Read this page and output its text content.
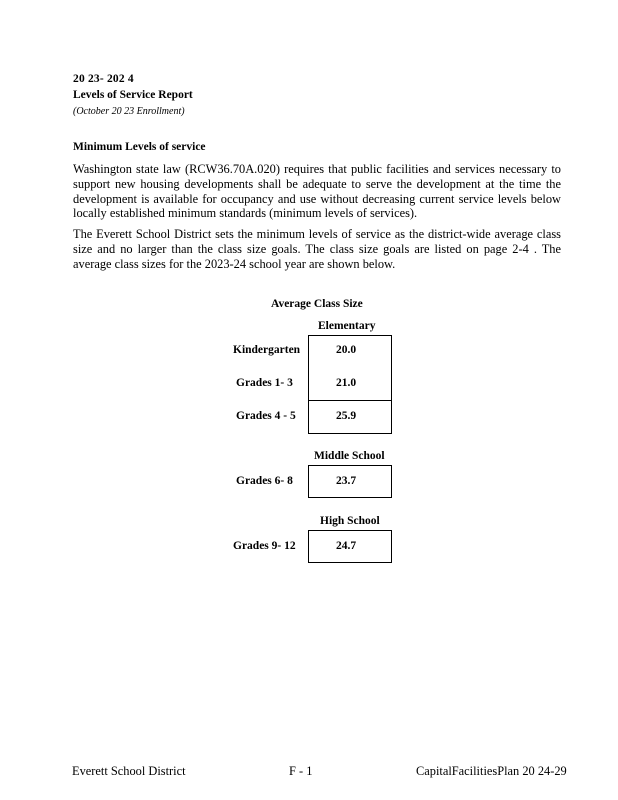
20 23- 202 4
Levels of Service Report
(October 20 23 Enrollment)
Minimum Levels of service
Washington state law (RCW36.70A.020) requires that public facilities and services necessary to support new housing developments shall be adequate to serve the development at the time the development is available for occupancy and use without decreasing current service levels below locally established minimum standards (minimum levels of services).
The Everett School District sets the minimum levels of service as the district-wide average class size and no larger than the class size goals. The class size goals are listed on page 2-4 . The average class sizes for the 2023-24 school year are shown below.
Average Class Size
Elementary
Kindergarten	20.0
Grades 1- 3	21.0
Grades 4 - 5	25.9
Middle School
Grades 6- 8	23.7
High School
Grades 9- 12	24.7
Everett School District	F - 1	CapitalFacilitiesPlan 20 24-29
